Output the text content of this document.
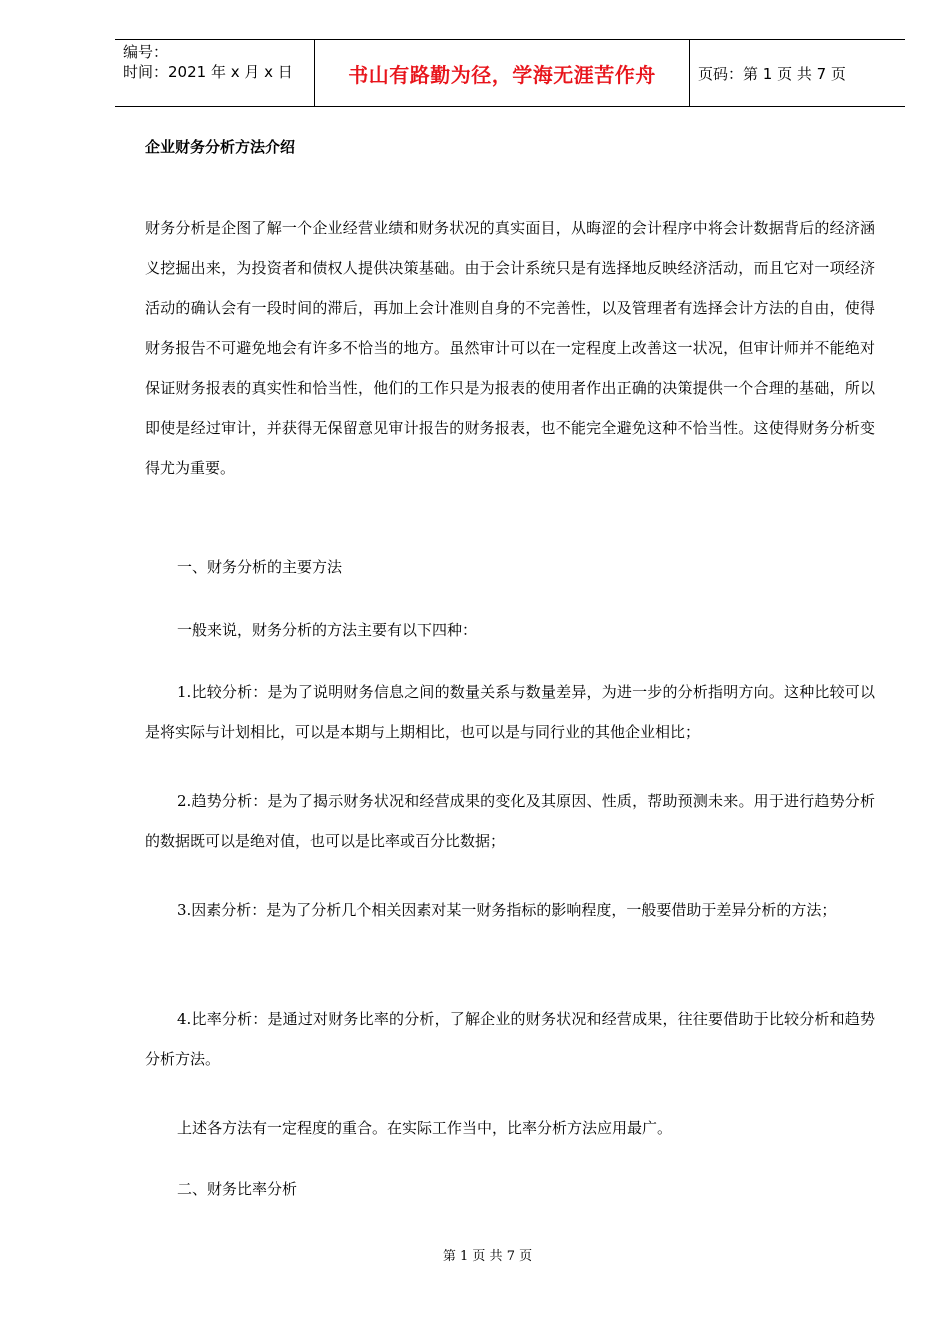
编号：
时间：2021 年 x 月 x 日	书山有路勤为径，学海无涯苦作舟	页码：第 1 页 共 7 页

企业财务分析方法介绍

财务分析是企图了解一个企业经营业绩和财务状况的真实面目，从晦涩的会计程序中将会计数据背后的经济涵义挖掘出来，为投资者和债权人提供决策基础。由于会计系统只是有选择地反映经济活动，而且它对一项经济活动的确认会有一段时间的滞后，再加上会计准则自身的不完善性，以及管理者有选择会计方法的自由，使得财务报告不可避免地会有许多不恰当的地方。虽然审计可以在一定程度上改善这一状况，但审计师并不能绝对保证财务报表的真实性和恰当性，他们的工作只是为报表的使用者作出正确的决策提供一个合理的基础，所以即使是经过审计，并获得无保留意见审计报告的财务报表，也不能完全避免这种不恰当性。这使得财务分析变得尤为重要。

一、财务分析的主要方法

一般来说，财务分析的方法主要有以下四种：

1.比较分析：是为了说明财务信息之间的数量关系与数量差异，为进一步的分析指明方向。这种比较可以是将实际与计划相比，可以是本期与上期相比，也可以是与同行业的其他企业相比；

2.趋势分析：是为了揭示财务状况和经营成果的变化及其原因、性质，帮助预测未来。用于进行趋势分析的数据既可以是绝对值，也可以是比率或百分比数据；

3.因素分析：是为了分析几个相关因素对某一财务指标的影响程度，一般要借助于差异分析的方法；

4.比率分析：是通过对财务比率的分析，了解企业的财务状况和经营成果，往往要借助于比较分析和趋势分析方法。

上述各方法有一定程度的重合。在实际工作当中，比率分析方法应用最广。

二、财务比率分析

第 1 页 共 7 页
